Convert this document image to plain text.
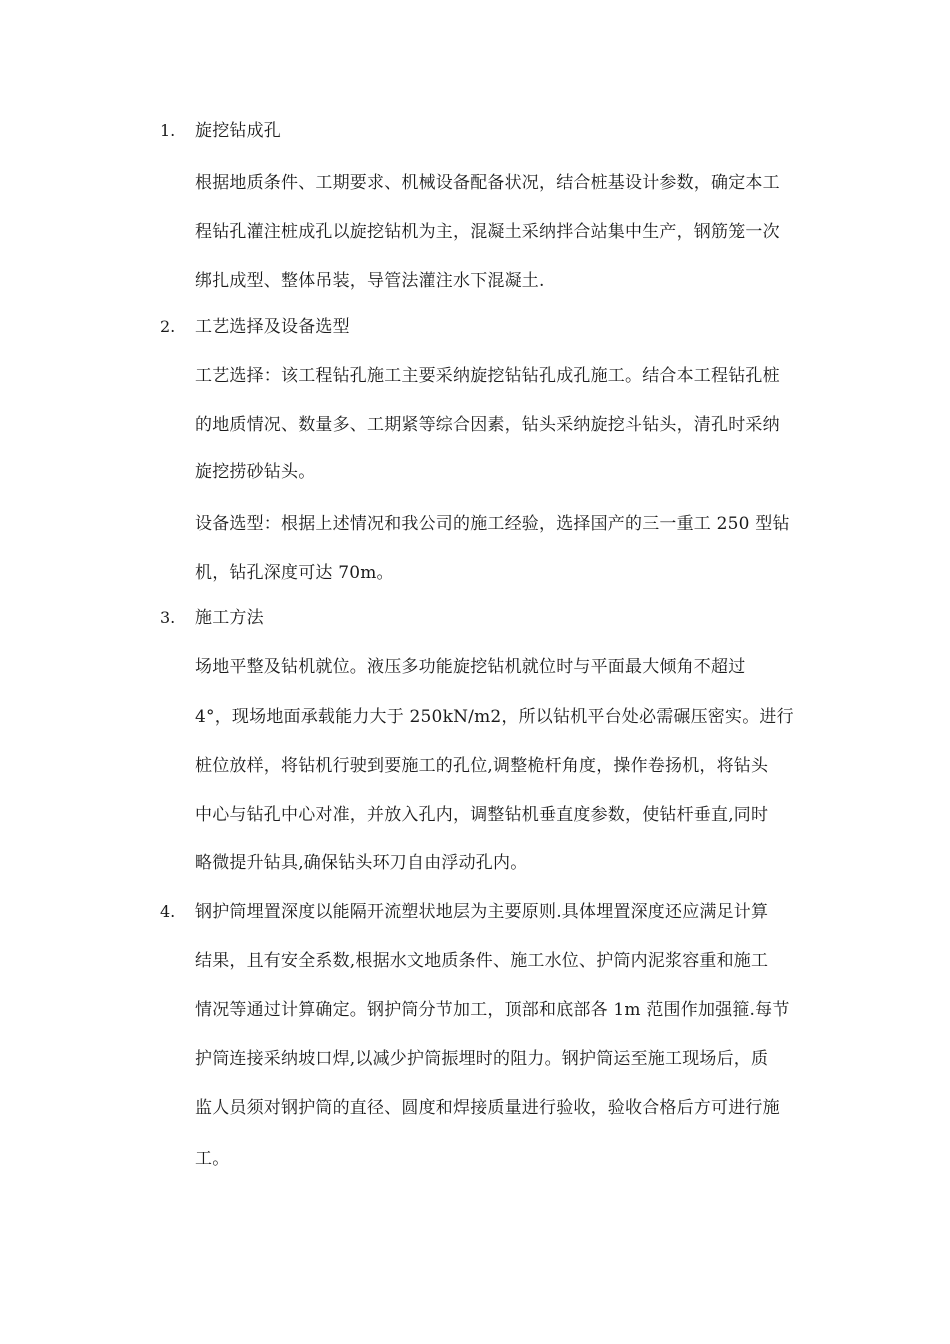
1. 旋挖钻成孔
根据地质条件、工期要求、机械设备配备状况，结合桩基设计参数，确定本工
程钻孔灌注桩成孔以旋挖钻机为主，混凝土采纳拌合站集中生产，钢筋笼一次
绑扎成型、整体吊装，导管法灌注水下混凝土.
2. 工艺选择及设备选型
工艺选择：该工程钻孔施工主要采纳旋挖钻钻孔成孔施工。结合本工程钻孔桩
的地质情况、数量多、工期紧等综合因素，钻头采纳旋挖斗钻头，清孔时采纳
旋挖捞砂钻头。
设备选型：根据上述情况和我公司的施工经验，选择国产的三一重工 250 型钻
机，钻孔深度可达 70m。
3. 施工方法
场地平整及钻机就位。液压多功能旋挖钻机就位时与平面最大倾角不超过
4°，现场地面承载能力大于 250kN/m2，所以钻机平台处必需碾压密实。进行
桩位放样，将钻机行驶到要施工的孔位,调整桅杆角度，操作卷扬机，将钻头
中心与钻孔中心对准，并放入孔内，调整钻机垂直度参数，使钻杆垂直,同时
略微提升钻具,确保钻头环刀自由浮动孔内。
4. 钢护筒埋置深度以能隔开流塑状地层为主要原则.具体埋置深度还应满足计算
结果，且有安全系数,根据水文地质条件、施工水位、护筒内泥浆容重和施工
情况等通过计算确定。钢护筒分节加工，顶部和底部各 1m 范围作加强箍.每节
护筒连接采纳坡口焊,以减少护筒振埋时的阻力。钢护筒运至施工现场后，质
监人员须对钢护筒的直径、圆度和焊接质量进行验收，验收合格后方可进行施
工。
